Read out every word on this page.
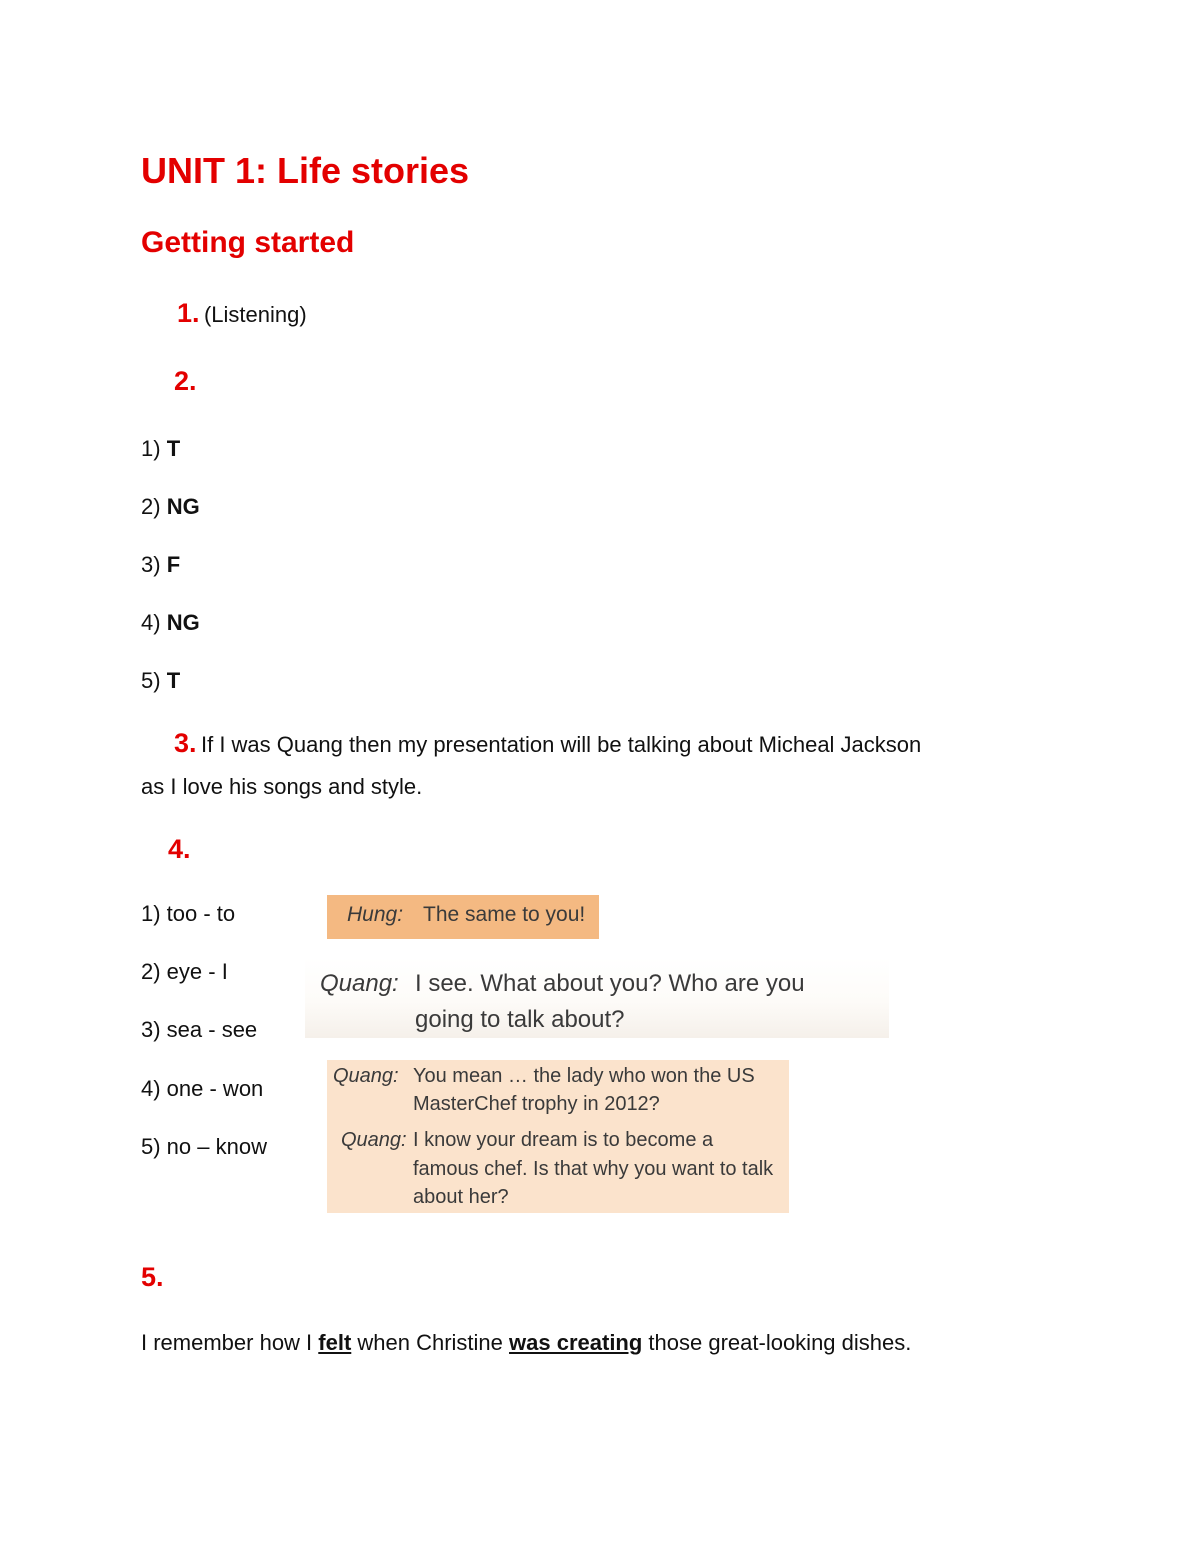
UNIT 1: Life stories
Getting started
1. (Listening)
2.
1) T
2) NG
3) F
4) NG
5) T
3. If I was Quang then my presentation will be talking about Micheal Jackson
as I love his songs and style.
4.
1) too - to
2) eye - I
3) sea - see
4) one - won
5) no – know
Hung: The same to you!
Quang: I see. What about you? Who are you
going to talk about?
Quang: You mean … the lady who won the US
MasterChef trophy in 2012?
Quang: I know your dream is to become a
famous chef. Is that why you want to talk
about her?
5.
I remember how I felt when Christine was creating those great-looking dishes.
